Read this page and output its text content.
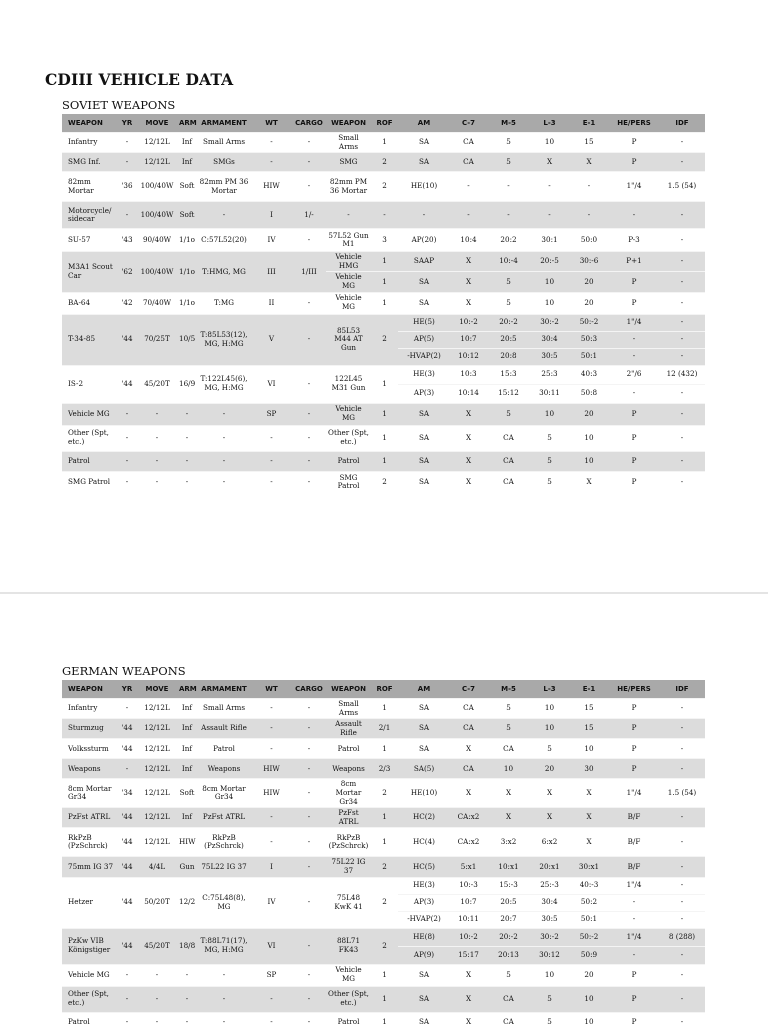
CDIII VEHICLE DATA
SOVIET WEAPONS
WEAPON	YR	MOVE	ARM	ARMAMENT	WT	CARGO	WEAPON	ROF	AM	C-7	M-5	L-3	E-1	HE/PERS	IDF
Infantry	-	12/12L	Inf	Small Arms	-	-	Small Arms	1	SA	CA	5	10	15	P	-
SMG Inf.	-	12/12L	Inf	SMGs	-	-	SMG	2	SA	CA	5	X	X	P	-
82mm Mortar	'36	100/40W	Soft	82mm PM 36 Mortar	HIW	-	82mm PM 36 Mortar	2	HE(10)	-	-	-	-	1"/4	1.5 (54)
Motorcycle/ sidecar	-	100/40W	Soft	-	I	1/-	-	-	-	-	-	-	-	-	-
SU-57	'43	90/40W	1/1o	C:57L52(20)	IV	-	57L52 Gun M1	3	AP(20)	10:4	20:2	30:1	50:0	P-3	-
M3A1 Scout Car	'62	100/40W	1/1o	T:HMG, MG	III	1/III	Vehicle HMG	1	SAAP	X	10:-4	20:-5	30:-6	P+1	-
							Vehicle MG	1	SA	X	5	10	20	P	-
BA-64	'42	70/40W	1/1o	T:MG	II	-	Vehicle MG	1	SA	X	5	10	20	P	-
T-34-85	'44	70/25T	10/5	T:85L53(12), MG, H:MG	V	-	85L53 M44 AT Gun	2	HE(5)	10:-2	20:-2	30:-2	50:-2	1"/4	-
									AP(5)	10:7	20:5	30:4	50:3	-	-
									-HVAP(2)	10:12	20:8	30:5	50:1	-	-
IS-2	'44	45/20T	16/9	T:122L45(6), MG, H:MG	VI	-	122L45 M31 Gun	1	HE(3)	10:3	15:3	25:3	40:3	2"/6	12 (432)
									AP(3)	10:14	15:12	30:11	50:8	-	-
Vehicle MG	-	-	-	-	SP	-	Vehicle MG	1	SA	X	5	10	20	P	-
Other (Spt, etc.)	-	-	-	-	-	-	Other (Spt, etc.)	1	SA	X	CA	5	10	P	-
Patrol	-	-	-	-	-	-	Patrol	1	SA	X	CA	5	10	P	-
SMG Patrol	-	-	-	-	-	-	SMG Patrol	2	SA	X	CA	5	X	P	-
GERMAN WEAPONS
WEAPON	YR	MOVE	ARM	ARMAMENT	WT	CARGO	WEAPON	ROF	AM	C-7	M-5	L-3	E-1	HE/PERS	IDF
Infantry	-	12/12L	Inf	Small Arms	-	-	Small Arms	1	SA	CA	5	10	15	P	-
Sturmzug	'44	12/12L	Inf	Assault Rifle	-	-	Assault Rifle	2/1	SA	CA	5	10	15	P	-
Volkssturm	'44	12/12L	Inf	Patrol	-	-	Patrol	1	SA	X	CA	5	10	P	-
Weapons	-	12/12L	Inf	Weapons	HIW	-	Weapons	2/3	SA(5)	CA	10	20	30	P	-
8cm Mortar Gr34	'34	12/12L	Soft	8cm Mortar Gr34	HIW	-	8cm Mortar Gr34	2	HE(10)	X	X	X	X	1"/4	1.5 (54)
PzFst ATRL	'44	12/12L	Inf	PzFst ATRL	-	-	PzFst ATRL	1	HC(2)	CA:x2	X	X	X	B/F	-
RkPzB (PzSchrck)	'44	12/12L	HIW	RkPzB (PzSchrck)	-	-	RkPzB (PzSchrck)	1	HC(4)	CA:x2	3:x2	6:x2	X	B/F	-
75mm IG 37	'44	4/4L	Gun	75L22 IG 37	I	-	75L22 IG 37	2	HC(5)	5:x1	10:x1	20:x1	30:x1	B/F	-
Hetzer	'44	50/20T	12/2	C:75L48(8), MG	IV	-	75L48 KwK 41	2	HE(3)	10:-3	15:-3	25:-3	40:-3	1"/4	-
									AP(3)	10:7	20:5	30:4	50:2	-	-
									-HVAP(2)	10:11	20:7	30:5	50:1	-	-
PzKw VIB Königstiger	'44	45/20T	18/8	T:88L71(17), MG, H:MG	VI	-	88L71 FK43	2	HE(8)	10:-2	20:-2	30:-2	50:-2	1"/4	8 (288)
									AP(9)	15:17	20:13	30:12	50:9	-	-
Vehicle MG	-	-	-	-	SP	-	Vehicle MG	1	SA	X	5	10	20	P	-
Other (Spt, etc.)	-	-	-	-	-	-	Other (Spt, etc.)	1	SA	X	CA	5	10	P	-
Patrol	-	-	-	-	-	-	Patrol	1	SA	X	CA	5	10	P	-
